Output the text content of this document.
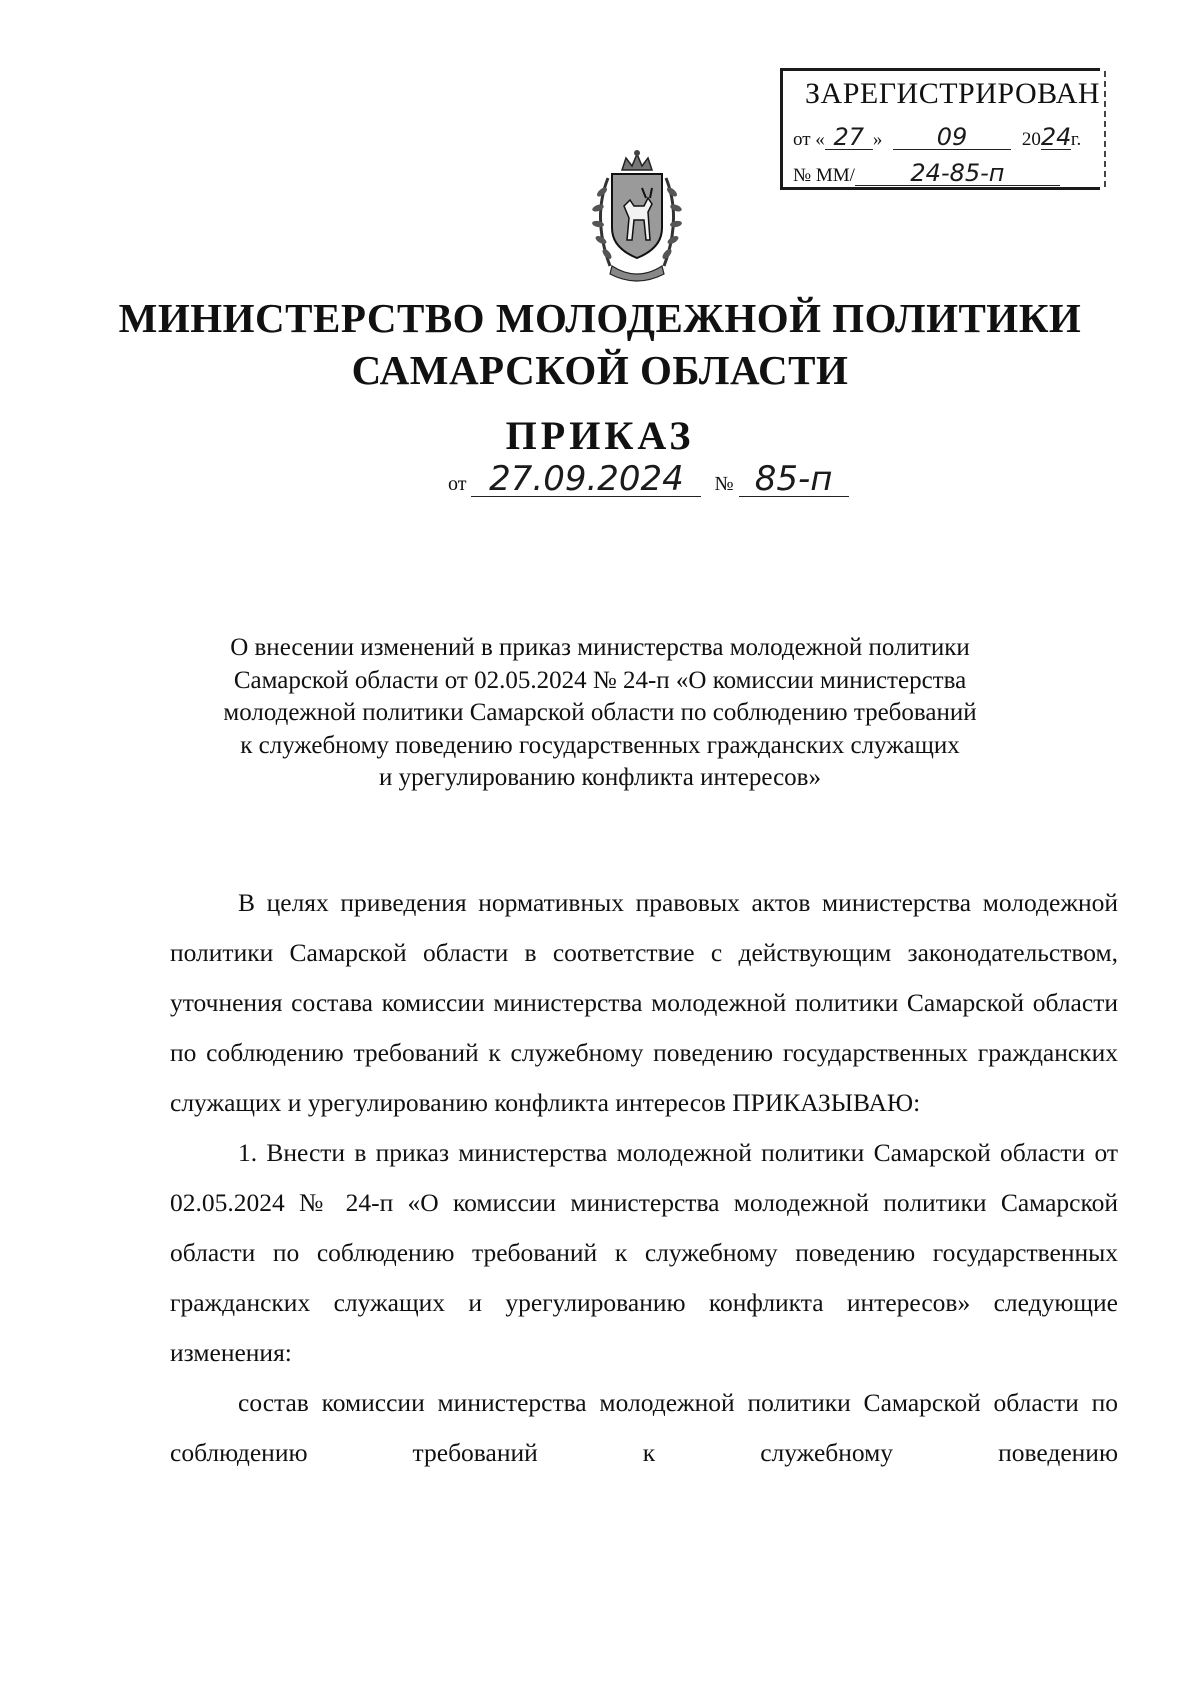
ЗАРЕГИСТРИРОВАН
от « 27 » 09	2024г.
№ ММ/ 24-85-п
МИНИСТЕРСТВО МОЛОДЕЖНОЙ ПОЛИТИКИ
САМАРСКОЙ ОБЛАСТИ
ПРИКАЗ
от 27.09.2024 № 85-п
О внесении изменений в приказ министерства молодежной политики
Самарской области от 02.05.2024 № 24-п «О комиссии министерства
молодежной политики Самарской области по соблюдению требований
к служебному поведению государственных гражданских служащих
и урегулированию конфликта интересов»

В целях приведения нормативных правовых актов министерства молодежной политики Самарской области в соответствие с действующим законодательством, уточнения состава комиссии министерства молодежной политики Самарской области по соблюдению требований к служебному поведению государственных гражданских служащих и урегулированию конфликта интересов ПРИКАЗЫВАЮ:

1. Внести в приказ министерства молодежной политики Самарской области от 02.05.2024 № 24-п «О комиссии министерства молодежной политики Самарской области по соблюдению требований к служебному поведению государственных гражданских служащих и урегулированию конфликта интересов» следующие изменения:

состав комиссии министерства молодежной политики Самарской области по соблюдению требований к служебному поведению
